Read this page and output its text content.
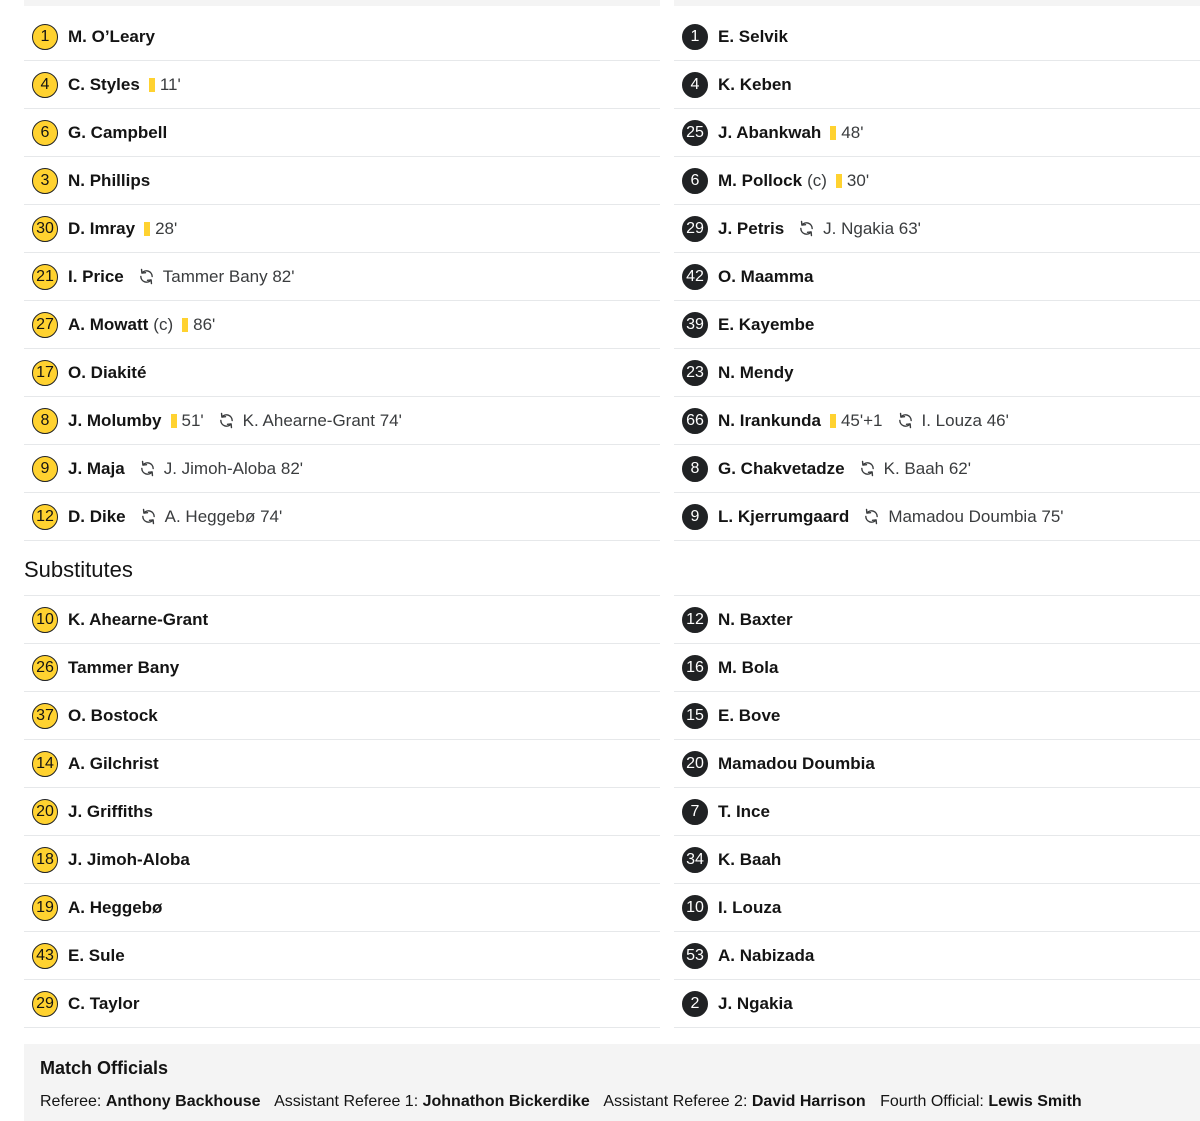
1	M. O’Leary
4	C. Styles 11'
6	G. Campbell
3	N. Phillips
30 D. Imray 28'
21 I. Price Tammer Bany 82'
27 A. Mowatt (c) 86'
17 O. Diakité
8	J. Molumby 51' K. Ahearne-Grant 74'
9	J. Maja J. Jimoh-Aloba 82'
12 D. Dike A. Heggebø 74'
Substitutes
10 K. Ahearne-Grant
26 Tammer Bany
37 O. Bostock
14 A. Gilchrist
20 J. Griffiths
18 J. Jimoh-Aloba
19 A. Heggebø
43 E. Sule
29 C. Taylor
1	E. Selvik
4	K. Keben
25 J. Abankwah 48'
6	M. Pollock (c) 30'
29 J. Petris J. Ngakia 63'
42 O. Maamma
39 E. Kayembe
23 N. Mendy
66 N. Irankunda 45'+1 I. Louza 46'
8	G. Chakvetadze K. Baah 62'
9	L. Kjerrumgaard Mamadou Doumbia 75'
12 N. Baxter
16 M. Bola
15 E. Bove
20 Mamadou Doumbia
7	T. Ince
34 K. Baah
10 I. Louza
53 A. Nabizada
2	J. Ngakia
Match Officials
Referee: Anthony Backhouse Assistant Referee 1: Johnathon Bickerdike Assistant Referee 2: David Harrison Fourth Official: Lewis Smith
